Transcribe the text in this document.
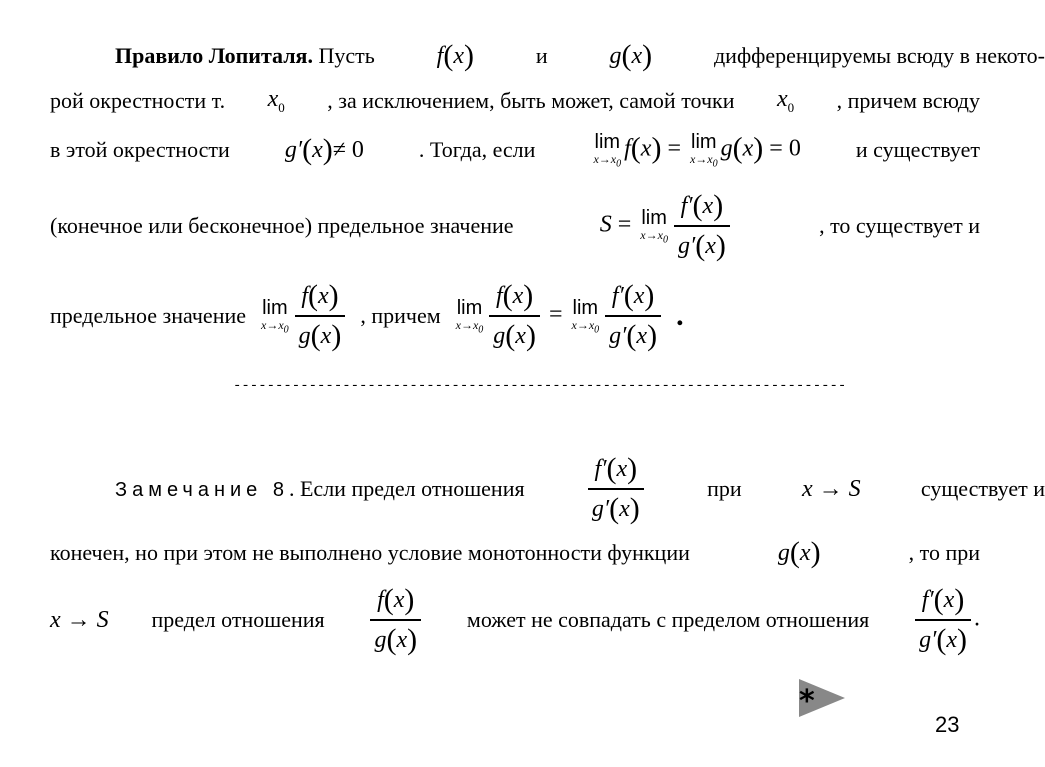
Правило Лопиталя. Пусть	f(x)	и	g(x)	дифференцируемы всюду в некото-
рой окрестности т. $x_0$ , за исключением, быть может, самой точки $x_0$ , причем всюду
в этой окрестности g′(x)≠ 0	. Тогда, если	lim
$x\to x_0$
f(x) = lim
$x\to x_0$
g(x) = 0	и существует
(конечное или бесконечное) предельное значение	S = lim
$x\to x_0 \frac{f'(x)}{g'(x)}$	, то существует и
предельное значение lim
$x\to x_0 \frac{f(x)}{g(x)}$ , причем lim
$x\to x_0 \frac{f(x)}{g(x)} = \lim$
$x\to x_0 \frac{f'(x)}{g'(x)}$ .
-------------------------------------------------------------------------
Замечание 8. Если предел отношения	$\frac{f'(x)}{g'(x)}$	при	x → S	существует и
конечен, но при этом не выполнено условие монотонности функции	g(x)	, то при
x → S предел отношения $\frac{f(x)}{g(x)}$ может не совпадать с пределом отношения $\frac{f'(x)}{g'(x)}$ .
*
23
